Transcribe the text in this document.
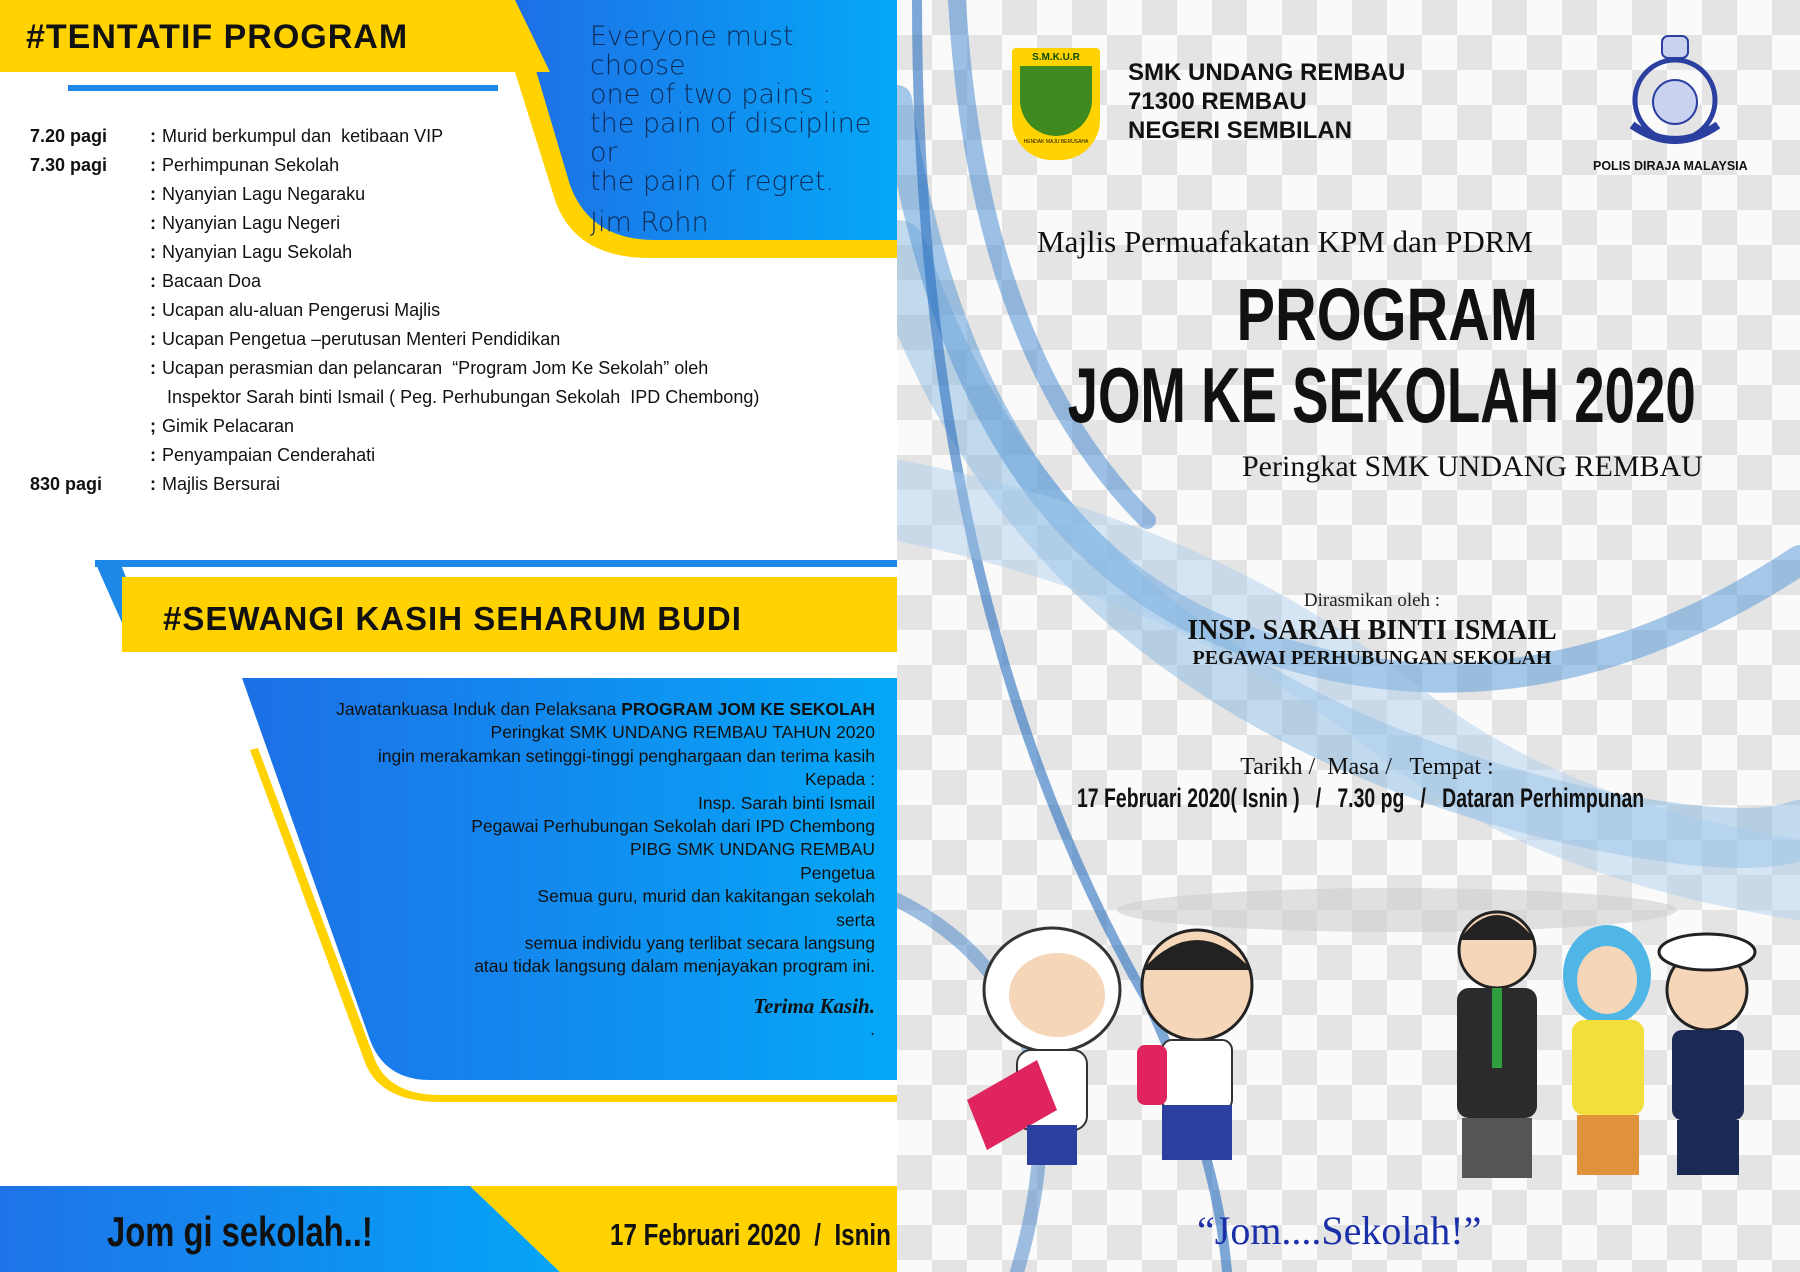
#TENTATIF PROGRAM	Everyone must choose
one of two pains :
the pain of discipline or
the pain of regret.
Jim Rohn
7.20 pagi	: Murid berkumpul dan  ketibaan VIP
7.30 pagi	: Perhimpunan Sekolah
: Nyanyian Lagu Negaraku
: Nyanyian Lagu Negeri
: Nyanyian Lagu Sekolah
: Bacaan Doa
: Ucapan alu-aluan Pengerusi Majlis
: Ucapan Pengetua –perutusan Menteri Pendidikan
: Ucapan perasmian dan pelancaran  “Program Jom Ke Sekolah” oleh
Inspektor Sarah binti Ismail ( Peg. Perhubungan Sekolah  IPD Chembong)
; Gimik Pelacaran
: Penyampaian Cenderahati
830 pagi	: Majlis Bersurai
#SEWANGI KASIH SEHARUM BUDI
Jawatankuasa Induk dan Pelaksana PROGRAM JOM KE SEKOLAH
Peringkat SMK UNDANG REMBAU TAHUN 2020
ingin merakamkan setinggi-tinggi penghargaan dan terima kasih
Kepada :
Insp. Sarah binti Ismail
Pegawai Perhubungan Sekolah dari IPD Chembong
PIBG SMK UNDANG REMBAU
Pengetua
Semua guru, murid dan kakitangan sekolah
serta
semua individu yang terlibat secara langsung
atau tidak langsung dalam menjayakan program ini.
Terima Kasih.
.
Jom gi sekolah..!	17 Februari 2020  /  Isnin
S.M.K.U.R
HENDAK MAJU BERUSAHA
SMK UNDANG REMBAU
71300 REMBAU
NEGERI SEMBILAN
POLIS DIRAJA MALAYSIA
Majlis Permuafakatan KPM dan PDRM
PROGRAM
JOM KE SEKOLAH 2020
Peringkat SMK UNDANG REMBAU
Dirasmikan oleh :
INSP. SARAH BINTI ISMAIL
PEGAWAI PERHUBUNGAN SEKOLAH
Tarikh /  Masa /   Tempat :
17 Februari 2020( Isnin )   /   7.30 pg   /   Dataran Perhimpunan
“Jom....Sekolah!”
